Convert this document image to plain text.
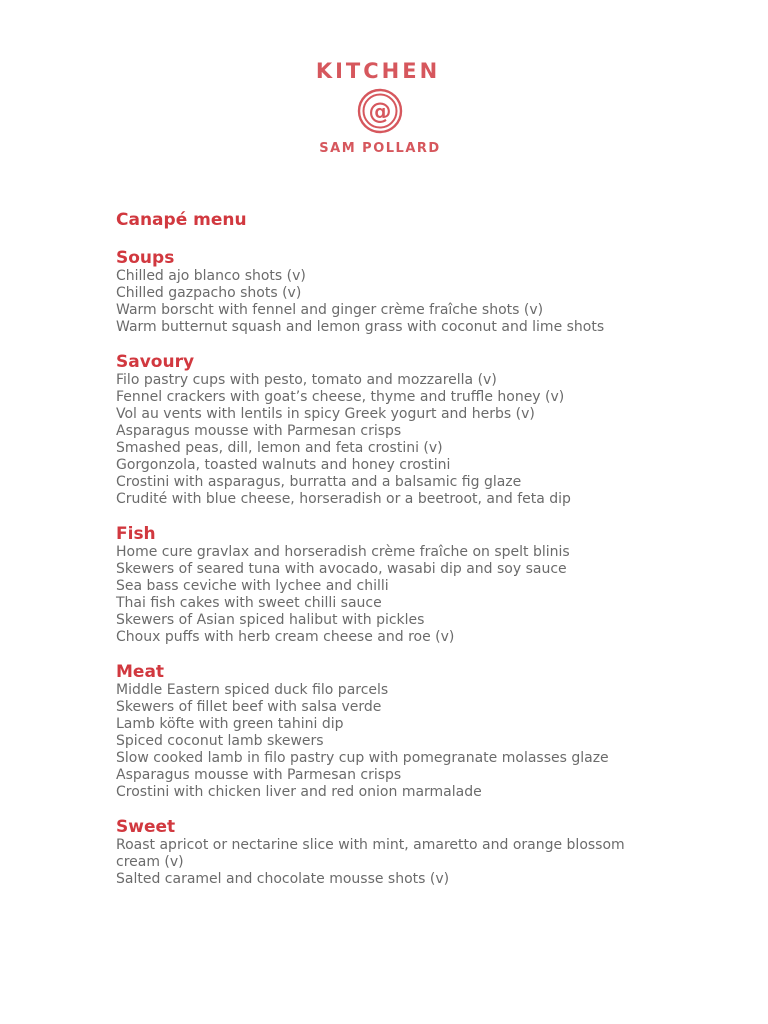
KITCHEN
@
SAM POLLARD
Canapé menu
Soups
Chilled ajo blanco shots (v)
Chilled gazpacho shots (v)
Warm borscht with fennel and ginger crème fraîche shots (v)
Warm butternut squash and lemon grass with coconut and lime shots
Savoury
Filo pastry cups with pesto, tomato and mozzarella (v)
Fennel crackers with goat’s cheese, thyme and truffle honey (v)
Vol au vents with lentils in spicy Greek yogurt and herbs (v)
Asparagus mousse with Parmesan crisps
Smashed peas, dill, lemon and feta crostini (v)
Gorgonzola, toasted walnuts and honey crostini
Crostini with asparagus, burratta and a balsamic fig glaze
Crudité with blue cheese, horseradish or a beetroot, and feta dip
Fish
Home cure gravlax and horseradish crème fraîche on spelt blinis
Skewers of seared tuna with avocado, wasabi dip and soy sauce
Sea bass ceviche with lychee and chilli
Thai fish cakes with sweet chilli sauce
Skewers of Asian spiced halibut with pickles
Choux puffs with herb cream cheese and roe (v)
Meat
Middle Eastern spiced duck filo parcels
Skewers of fillet beef with salsa verde
Lamb köfte with green tahini dip
Spiced coconut lamb skewers
Slow cooked lamb in filo pastry cup with pomegranate molasses glaze
Asparagus mousse with Parmesan crisps
Crostini with chicken liver and red onion marmalade
Sweet
Roast apricot or nectarine slice with mint, amaretto and orange blossom cream (v)
Salted caramel and chocolate mousse shots (v)
